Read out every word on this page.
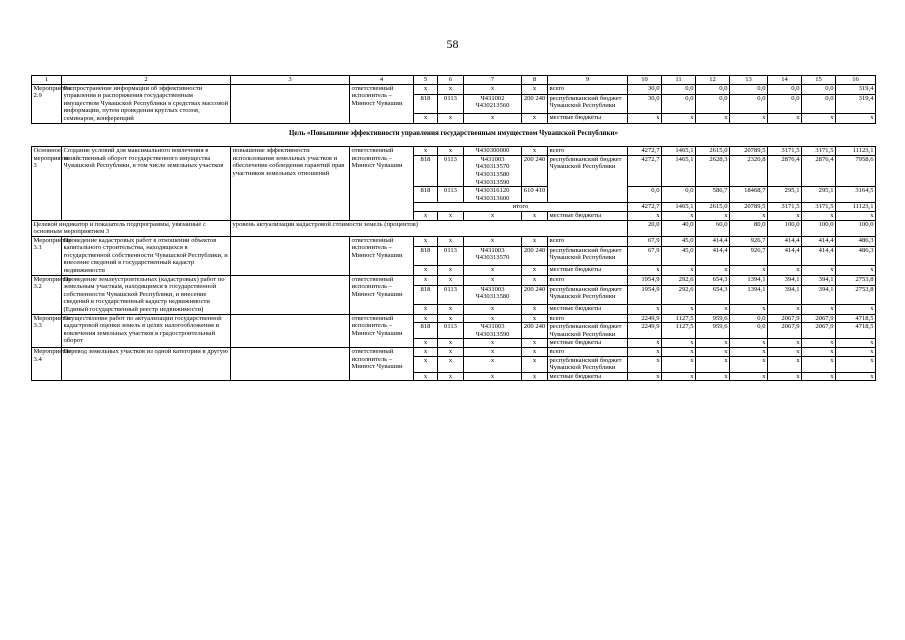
58
1	2	3	4	5	6	7	8	9	10	11	12	13	14	15	16
Мероприятие 2.9	Распространение информации об эффективности управления и распоряжения государственным имуществом Чувашской Республики в средствах массовой информации, путем проведения круглых столов, семинаров, конференций		ответственный исполнитель – Минюст Чувашии	х	х	х	х	всего	30,0	0,0	0,0	0,0	0,0	0,0	319,4
				818	0113	Ч431002 Ч430213560	200 240	республиканский бюджет Чувашской Республики	30,0	0,0	0,0	0,0	0,0	0,0	319,4
				х	х	х	х	местные бюджеты	х	х	х	х	х	х	х
Цель «Повышение эффективности управления государственным имуществом Чувашской Республики»															
Основное мероприятие 3	Создание условий для максимального вовлечения в хозяйственный оборот государственного имущества Чувашской Республики, в том числе земельных участков	повышение эффективности использования земельных участков и обеспечение соблюдения гарантий прав участников земельных отношений	ответственный исполнитель – Минюст Чувашии	х	х	Ч430300000	х	всего	4272,7	1465,1	2615,0	20789,5	3171,5	3171,5	11123,1
				818	0113	Ч431003 Ч430313570 Ч430313580 Ч430313590	200 240	республиканский бюджет Чувашской Республики	4272,7	1465,1	2628,3	2320,8	2876,4	2876,4	7958,6
				818	0113	Ч430316120 Ч430313600	610 410		0,0	0,0	586,7	18468,7	295,1	295,1	3164,5
				итого					4272,7	1465,1	2615,0	20789,5	3171,5	3171,5	11123,1
				х	х	х	х	местные бюджеты	х	х	х	х	х	х	х
Целевой индикатор и показатель подпрограммы, увязанные с основным мероприятием 3		уровень актуализации кадастровой стоимости земель (процентов)							20,0	40,0	60,0	80,0	100,0	100,0	100,0
Мероприятие 3.1	Проведение кадастровых работ в отношении объектов капитального строительства, находящихся в государственной собственности Чувашской Республики, и внесение сведений в государственный кадастр недвижимости		ответственный исполнитель – Минюст Чувашии	х	х	х	х	всего	67,9	45,0	414,4	926,7	414,4	414,4	486,3
				818	0113	Ч431003 Ч430313570	200 240	республиканский бюджет Чувашской Республики	67,9	45,0	414,4	926,7	414,4	414,4	486,3
				х	х	х	х	местные бюджеты	х	х	х	х	х	х	х
Мероприятие 3.2	Проведение землеустроительных (кадастровых) работ по земельным участкам, находящимся в государственной собственности Чувашской Республики, и внесение сведений в государственный кадастр недвижимости (Единый государственный реестр недвижимости)		ответственный исполнитель – Минюст Чувашии	х	х	х	х	всего	1954,9	292,6	654,3	1394,1	394,1	394,1	2753,8
				818	0113	Ч431003 Ч430313580	200 240	республиканский бюджет Чувашской Республики	1954,9	292,6	654,3	1394,1	394,1	394,1	2753,8
				х	х	х	х	местные бюджеты	х	х	х	х	х	х	х
Мероприятие 3.3	Осуществление работ по актуализации государственной кадастровой оценки земель в целях налогообложения и вовлечения земельных участков в градостроительный оборот		ответственный исполнитель – Минюст Чувашии	х	х	х	х	всего	2249,9	1127,5	959,6	0,0	2067,9	2067,9	4718,5
				818	0113	Ч431003 Ч430313590	200 240	республиканский бюджет Чувашской Республики	2249,9	1127,5	959,6	0,0	2067,9	2067,9	4718,5
				х	х	х	х	местные бюджеты	х	х	х	х	х	х	х
Мероприятие 3.4	Перевод земельных участков из одной категории в другую		ответственный исполнитель – Минюст Чувашии	х	х	х	х	всего	х	х	х	х	х	х	х
				х	х	х	х	республиканский бюджет Чувашской Республики	х	х	х	х	х	х	х
				х	х	х	х	местные бюджеты	х	х	х	х	х	х	х
